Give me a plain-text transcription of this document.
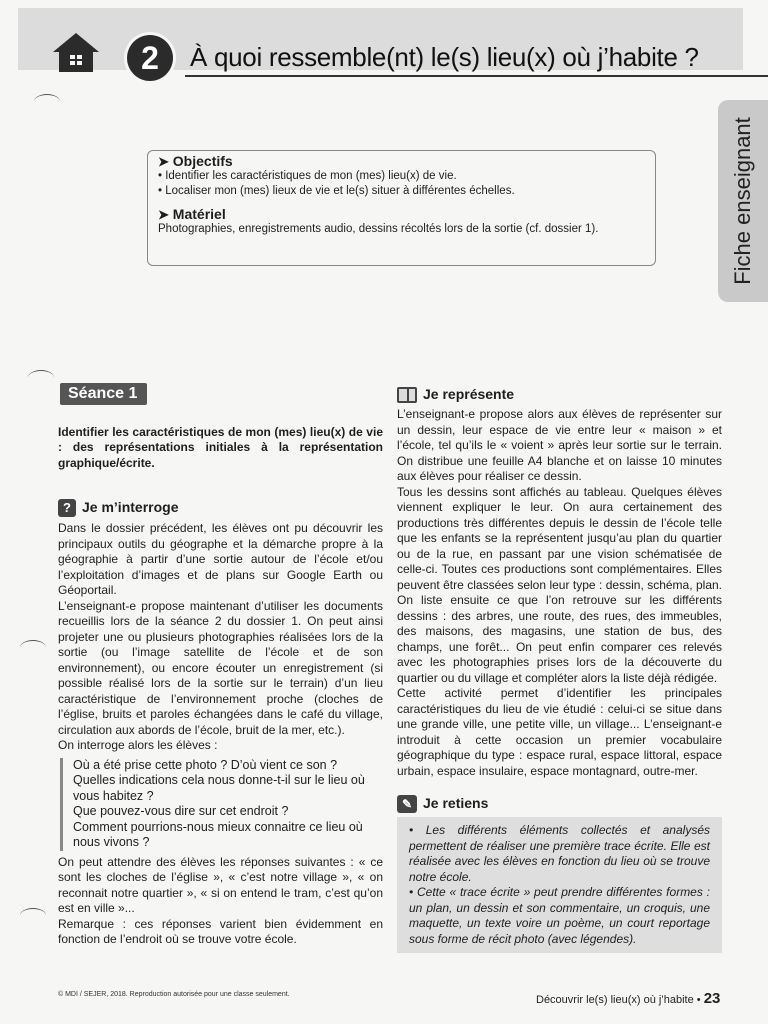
2	À quoi ressemble(nt) le(s) lieu(x) où j’habite ?
Fiche enseignant

➤ Objectifs

• Identifier les caractéristiques de mon (mes) lieu(x) de vie.

• Localiser mon (mes) lieux de vie et le(s) situer à différentes échelles.

➤ Matériel

Photographies, enregistrements audio, dessins récoltés lors de la sortie (cf. dossier 1).

Séance 1

Identifier les caractéristiques de mon (mes) lieu(x) de vie : des représentations initiales à la représentation graphique/écrite.

? Je m’interroge

Dans le dossier précédent, les élèves ont pu découvrir les principaux outils du géographe et la démarche propre à la géographie à partir d’une sortie autour de l’école et/ou l’exploitation d’images et de plans sur Google Earth ou Géoportail.

L’enseignant-e propose maintenant d’utiliser les documents recueillis lors de la séance 2 du dossier 1. On peut ainsi projeter une ou plusieurs photographies réalisées lors de la sortie (ou l’image satellite de l’école et de son environnement), ou encore écouter un enregistrement (si possible réalisé lors de la sortie sur le terrain) d’un lieu caractéristique de l’environnement proche (cloches de l’église, bruits et paroles échangées dans le café du village, circulation aux abords de l’école, bruit de la mer, etc.).

On interroge alors les élèves :

Où a été prise cette photo ? D’où vient ce son ?

Quelles indications cela nous donne-t-il sur le lieu où vous habitez ?

Que pouvez-vous dire sur cet endroit ?

Comment pourrions-nous mieux connaitre ce lieu où nous vivons ?

On peut attendre des élèves les réponses suivantes : « ce sont les cloches de l’église », « c’est notre village », « on reconnait notre quartier », « si on entend le tram, c’est qu’on est en ville »...

Remarque : ces réponses varient bien évidemment en fonction de l’endroit où se trouve votre école.

Je représente

L’enseignant-e propose alors aux élèves de représenter sur un dessin, leur espace de vie entre leur « maison » et l’école, tel qu’ils le « voient » après leur sortie sur le terrain. On distribue une feuille A4 blanche et on laisse 10 minutes aux élèves pour réaliser ce dessin.

Tous les dessins sont affichés au tableau. Quelques élèves viennent expliquer le leur. On aura certainement des productions très différentes depuis le dessin de l’école telle que les enfants se la représentent jusqu’au plan du quartier ou de la rue, en passant par une vision schématisée de celle-ci. Toutes ces productions sont complémentaires. Elles peuvent être classées selon leur type : dessin, schéma, plan. On liste ensuite ce que l’on retrouve sur les différents dessins : des arbres, une route, des rues, des immeubles, des maisons, des magasins, une station de bus, des champs, une forêt... On peut enfin comparer ces relevés avec les photographies prises lors de la découverte du quartier ou du village et compléter alors la liste déjà rédigée.

Cette activité permet d’identifier les principales caractéristiques du lieu de vie étudié : celui-ci se situe dans une grande ville, une petite ville, un village... L’enseignant-e introduit à cette occasion un premier vocabulaire géographique du type : espace rural, espace littoral, espace urbain, espace insulaire, espace montagnard, outre-mer.

✎ Je retiens

• Les différents éléments collectés et analysés permettent de réaliser une première trace écrite. Elle est réalisée avec les élèves en fonction du lieu où se trouve notre école.

• Cette « trace écrite » peut prendre différentes formes : un plan, un dessin et son commentaire, un croquis, une maquette, un texte voire un poème, un court reportage sous forme de récit photo (avec légendes).

© MDI / SEJER, 2018. Reproduction autorisée pour une classe seulement.	Découvrir le(s) lieu(x) où j’habite • 23
